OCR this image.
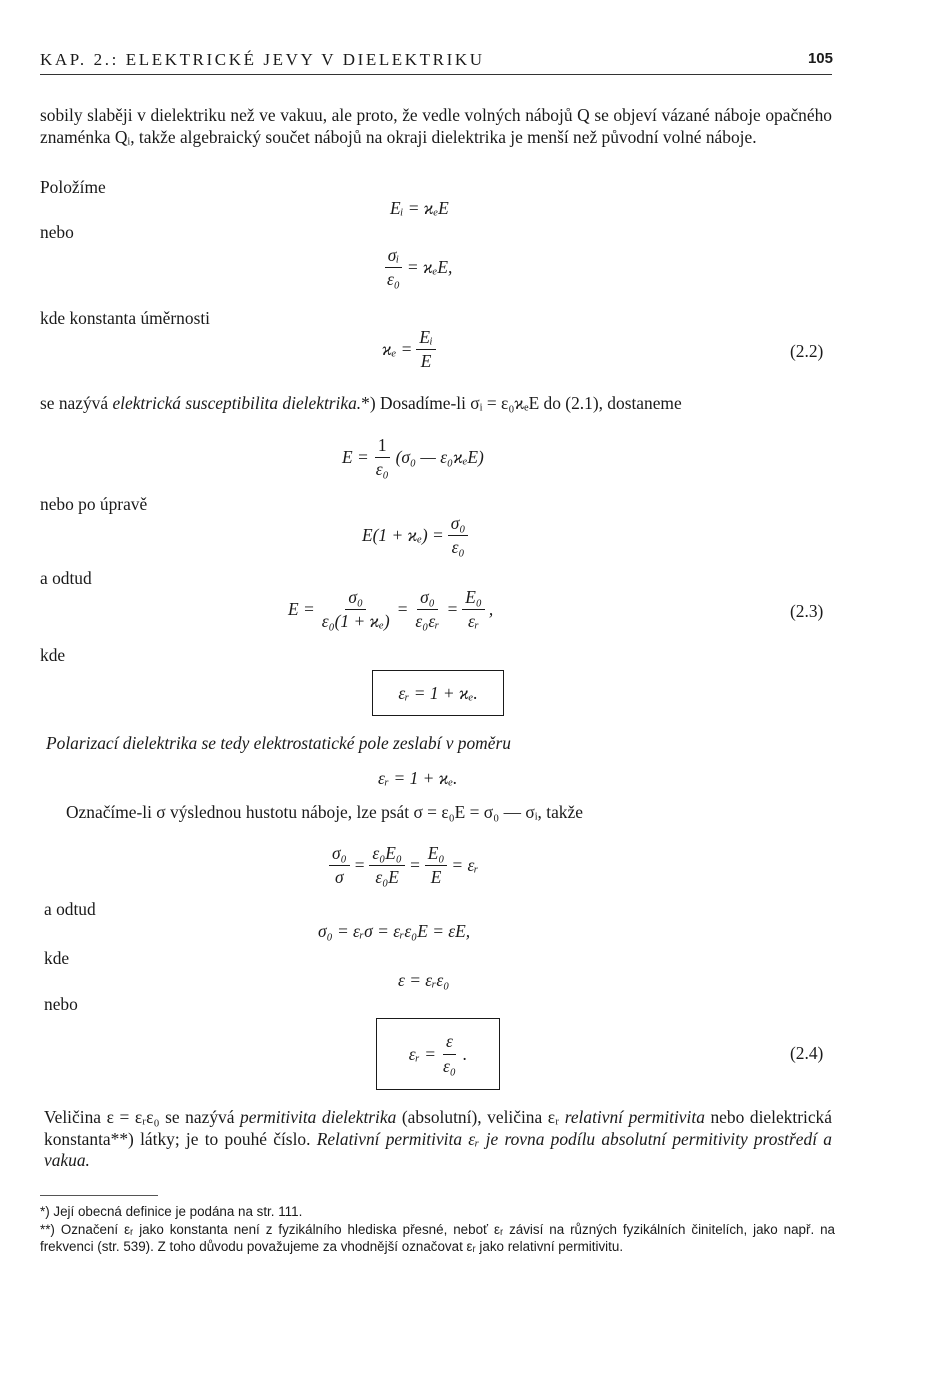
KAP. 2.: ELEKTRICKÉ JEVY V DIELEKTRIKU	105
sobily slaběji v dielektriku než ve vakuu, ale proto, že vedle volných nábojů Q se objeví vázané náboje opačného znaménka Qᵢ, takže algebraický součet nábojů na okraji dielektrika je menší než původní volné náboje.
Položíme
Eᵢ = ϰₑE
nebo
$\frac{\text{σᵢ}}{\text{ε₀}} = ϰ_eE$,
kde konstanta úměrnosti
$ϰ_e = \frac{\text{Eᵢ}}{E}$	(2.2)
se nazývá elektrická susceptibilita dielektrika.*) Dosadíme-li σᵢ = ε₀ϰₑE do (2.1), dostaneme
$E = \frac{1}{\text{ε₀}} (\sigma_0$ — ε₀ϰₑE)
nebo po úpravě
$E(1 + ϰ_e) = \frac{\text{σ₀}}{\text{ε₀}}$
a odtud
$E = \frac{\text{σ₀}}{\text{ε₀(1 + ϰₑ)}} = \frac{\text{σ₀}}{\text{ε₀εᵣ}} = \frac{\text{E₀}}{\text{εᵣ}}$ ,	(2.3)
kde
εᵣ = 1 + ϰₑ.
Polarizací dielektrika se tedy elektrostatické pole zeslabí v poměru
εᵣ = 1 + ϰₑ.
Označíme-li σ výslednou hustotu náboje, lze psát σ = ε₀E = σ₀ — σᵢ, takže
$\frac{\text{σ₀}}{\sigma} = \frac{\text{ε₀E₀}}{\text{ε₀E}} = \frac{\text{E₀}}{E}$ = εᵣ
a odtud
σ₀ = εᵣσ = εᵣε₀E = εE,
kde
ε = εᵣε₀
nebo
εᵣ = $\frac{\varepsilon}{\text{ε₀}}$ .	(2.4)
Veličina ε = εᵣε₀ se nazývá permitivita dielektrika (absolutní), veličina εᵣ relativní permitivita nebo dielektrická konstanta**) látky; je to pouhé číslo. Relativní permitivita εᵣ je rovna podílu absolutní permitivity prostředí a vakua.
*) Její obecná definice je podána na str. 111.
**) Označení εᵣ jako konstanta není z fyzikálního hlediska přesné, neboť εᵣ závisí na různých fyzikálních činitelích, jako např. na frekvenci (str. 539). Z toho důvodu považujeme za vhodnější označovat εᵣ jako relativní permitivitu.
